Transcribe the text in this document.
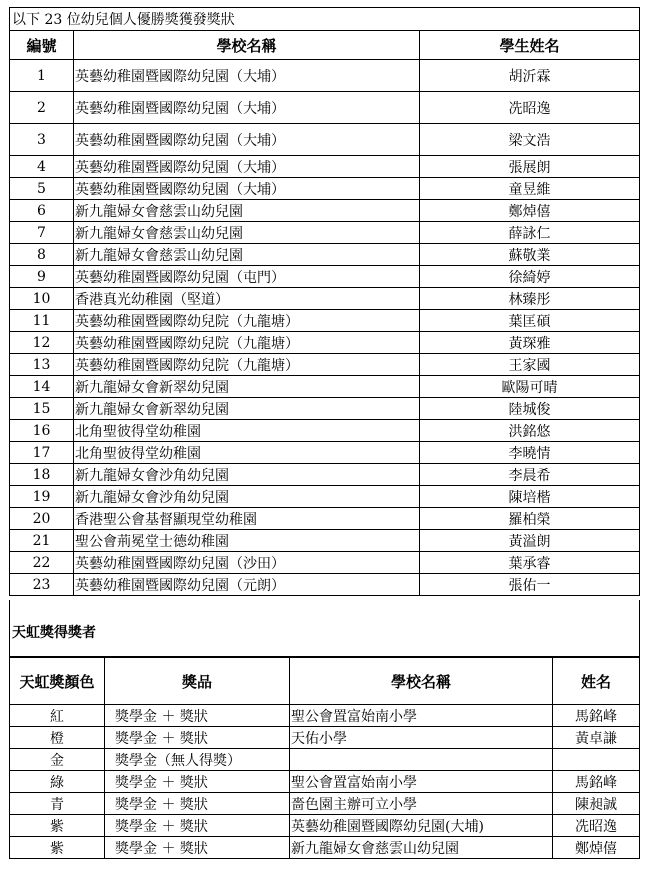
以下 23 位幼兒個人優勝獎獲發獎狀		
編號	學校名稱	學生姓名
1	英藝幼稚園暨國際幼兒園（大埔）	胡沂霖
2	英藝幼稚園暨國際幼兒園（大埔）	冼昭逸
3	英藝幼稚園暨國際幼兒園（大埔）	梁文浩
4	英藝幼稚園暨國際幼兒園（大埔）	張展朗
5	英藝幼稚園暨國際幼兒園（大埔）	童昱維
6	新九龍婦女會慈雲山幼兒園	鄭焯僖
7	新九龍婦女會慈雲山幼兒園	薛詠仁
8	新九龍婦女會慈雲山幼兒園	蘇敬業
9	英藝幼稚園暨國際幼兒園（屯門）	徐綺婷
10	香港真光幼稚園（堅道）	林臻彤
11	英藝幼稚園暨國際幼兒院（九龍塘）	葉匡碩
12	英藝幼稚園暨國際幼兒院（九龍塘）	黃琛雅
13	英藝幼稚園暨國際幼兒院（九龍塘）	王家國
14	新九龍婦女會新翠幼兒園	歐陽可晴
15	新九龍婦女會新翠幼兒園	陸城俊
16	北角聖彼得堂幼稚園	洪銘悠
17	北角聖彼得堂幼稚園	李曉情
18	新九龍婦女會沙角幼兒園	李晨希
19	新九龍婦女會沙角幼兒園	陳培楷
20	香港聖公會基督顯現堂幼稚園	羅柏榮
21	聖公會荊冕堂士德幼稚園	黃溢朗
22	英藝幼稚園暨國際幼兒園（沙田）	葉承睿
23	英藝幼稚園暨國際幼兒園（元朗）	張佑一
天虹獎得獎者
天虹獎顏色	獎品	學校名稱	姓名
紅	獎學金 ＋ 獎狀	聖公會置富始南小學	馬銘峰
橙	獎學金 ＋ 獎狀	天佑小學	黃卓謙
金	獎學金（無人得獎）		
綠	獎學金 ＋ 獎狀	聖公會置富始南小學	馬銘峰
青	獎學金 ＋ 獎狀	嗇色園主辦可立小學	陳昶誠
紫	獎學金 ＋ 獎狀	英藝幼稚園暨國際幼兒園(大埔)	冼昭逸
紫	獎學金 ＋ 獎狀	新九龍婦女會慈雲山幼兒園	鄭焯僖
